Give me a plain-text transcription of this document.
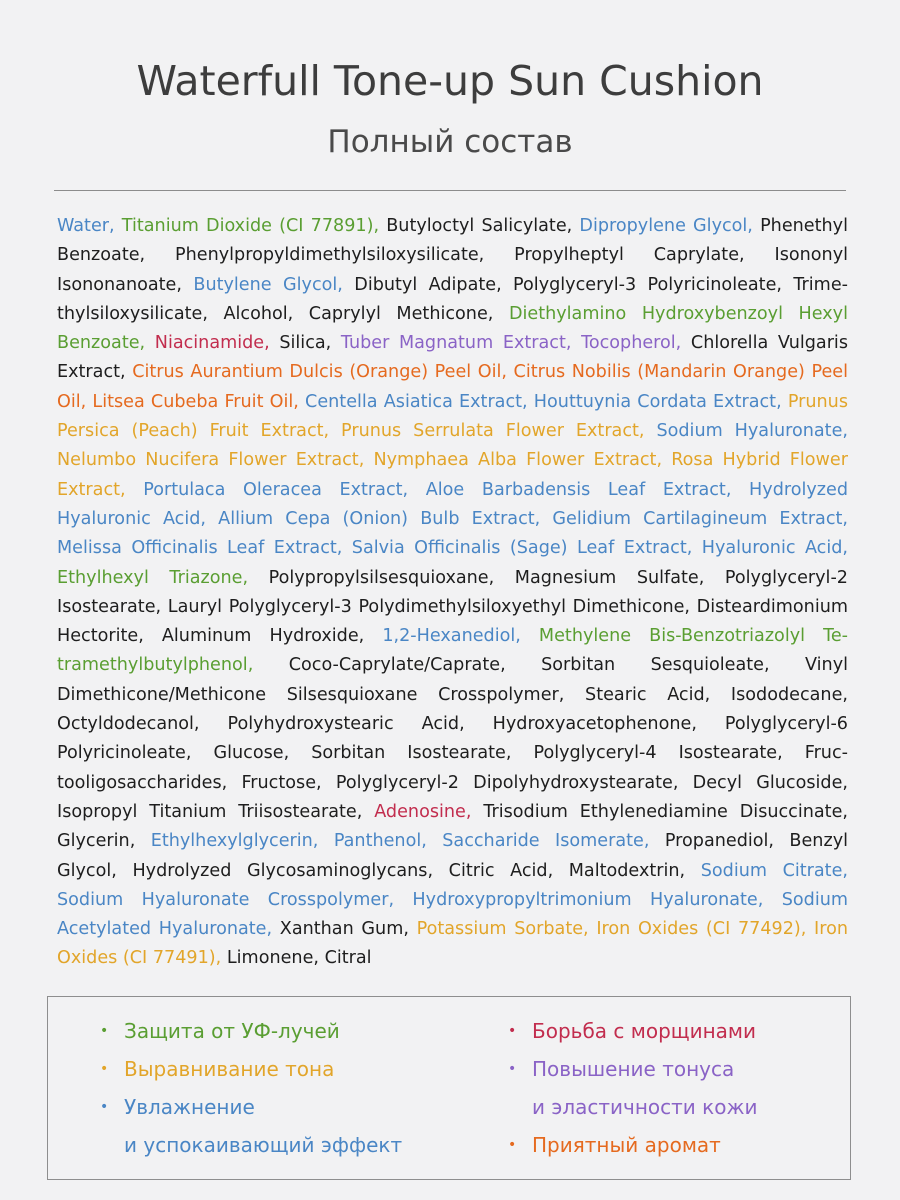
Waterfull Tone-up Sun Cushion
Полный состав
Water, Titanium Dioxide (CI 77891), Butyloctyl Salicylate, Dipropylene Glycol, Phenethyl Benzoate, Phenylpropyldimethylsiloxysilicate, Propylheptyl Caprylate, Isononyl Isononanoate, Butylene Glycol, Dibutyl Adipate, Polyglyceryl-3 Polyricinoleate, Trimethylsiloxysilicate, Alcohol, Caprylyl Methicone, Diethylamino Hydroxybenzoyl Hexyl Benzoate, Niacinamide, Silica, Tuber Magnatum Extract, Tocopherol, Chlorella Vulgaris Extract, Citrus Aurantium Dulcis (Orange) Peel Oil, Citrus Nobilis (Mandarin Orange) Peel Oil, Litsea Cubeba Fruit Oil, Centella Asiatica Extract, Houttuynia Cordata Extract, Prunus Persica (Peach) Fruit Extract, Prunus Serrulata Flower Extract, Sodium Hyaluronate, Nelumbo Nucifera Flower Extract, Nymphaea Alba Flower Extract, Rosa Hybrid Flower Extract, Portulaca Oleracea Extract, Aloe Barbadensis Leaf Extract, Hydrolyzed Hyaluronic Acid, Allium Cepa (Onion) Bulb Extract, Gelidium Cartilagineum Extract, Melissa Officinalis Leaf Extract, Salvia Officinalis (Sage) Leaf Extract, Hyaluronic Acid, Ethylhexyl Triazone, Polypropylsilsesquioxane, Magnesium Sulfate, Polyglyceryl-2 Isostearate, Lauryl Polyglyceryl-3 Polydimethylsiloxyethyl Dimethicone, Disteardimonium Hectorite, Aluminum Hydroxide, 1,2-Hexanediol, Methylene Bis-Benzotriazolyl Te-tramethylbutylphenol, Coco-Caprylate/Caprate, Sorbitan Sesquioleate, Vinyl Dimethicone/Methicone Silsesquioxane Crosspolymer, Stearic Acid, Isododecane, Octyldodecanol, Polyhydroxystearic Acid, Hydroxyacetophenone, Polyglyceryl-6 Polyricinoleate, Glucose, Sorbitan Isostearate, Polyglyceryl-4 Isostearate, Fructooligosaccharides, Fructose, Polyglyceryl-2 Dipolyhydroxystearate, Decyl Glucoside, Isopropyl Titanium Triisostearate, Adenosine, Trisodium Ethylenediamine Disuccinate, Glycerin, Ethylhexylglycerin, Panthenol, Saccharide Isomerate, Propanediol, Benzyl Glycol, Hydrolyzed Glycosaminoglycans, Citric Acid, Maltodextrin, Sodium Citrate, Sodium Hyaluronate Crosspolymer, Hydroxypropyltrimonium Hyaluronate, Sodium Acetylated Hyaluronate, Xanthan Gum, Potassium Sorbate, Iron Oxides (CI 77492), Iron Oxides (CI 77491), Limonene, Citral
• Защита от УФ-лучей
• Выравнивание тона
• Увлажнение
и успокаивающий эффект
• Борьба с морщинами
• Повышение тонуса
и эластичности кожи
• Приятный аромат
